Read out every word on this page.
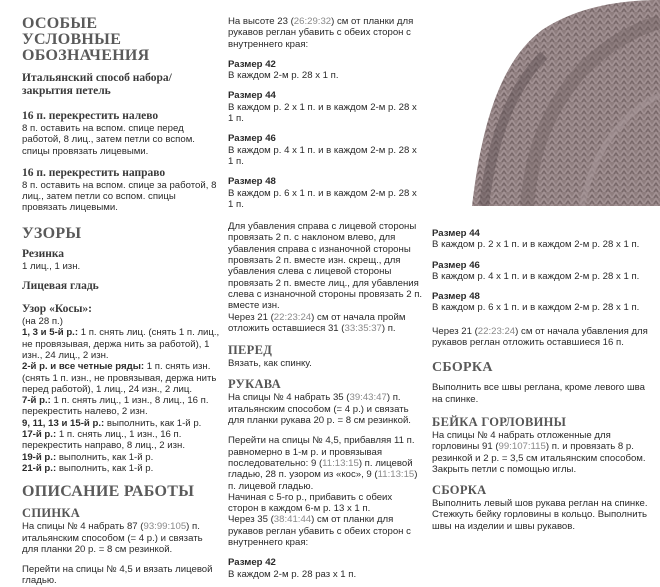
ОСОБЫЕ УСЛОВНЫЕ ОБОЗНАЧЕНИЯ
Итальянский способ набора/закрытия петель
16 п. перекрестить налево

8 п. оставить на вспом. спице перед работой, 8 лиц., затем петли со вспом. спицы провязать лицевыми.

16 п. перекрестить направо

8 п. оставить на вспом. спице за работой, 8 лиц., затем петли со вспом. спицы провязать лицевыми.

УЗОРЫ
Резинка

1 лиц., 1 изн.

Лицевая гладь
Узор «Косы»:

(на 28 п.)

1, 3 и 5-й р.: 1 п. снять лиц. (снять 1 п. лиц., не провязывая, держа нить за работой), 1 изн., 24 лиц., 2 изн.

2-й р. и все четные ряды: 1 п. снять изн. (снять 1 п. изн., не провязывая, держа нить перед работой), 1 лиц., 24 изн., 2 лиц.

7-й р.: 1 п. снять лиц., 1 изн., 8 лиц., 16 п. перекрестить налево, 2 изн.

9, 11, 13 и 15-й р.: выполнить, как 1-й р.

17-й р.: 1 п. снять лиц., 1 изн., 16 п. перекрестить направо, 8 лиц., 2 изн.

19-й р.: выполнить, как 1-й р.

21-й р.: выполнить, как 1-й р.

ОПИСАНИЕ РАБОТЫ
СПИНКА

На спицы № 4 набрать 87 (93:99:105) п. итальянским способом (= 4 р.) и связать для планки 20 р. = 8 см резинкой.

Перейти на спицы № 4,5 и вязать лицевой гладью.

На высоте 23 (26:29:32) см от планки для рукавов реглан убавить с обеих сторон с внутреннего края:

Размер 42

В каждом 2-м р. 28 х 1 п.

Размер 44

В каждом р. 2 х 1 п. и в каждом 2-м р. 28 х 1 п.

Размер 46

В каждом р. 4 х 1 п. и в каждом 2-м р. 28 х 1 п.

Размер 48

В каждом р. 6 х 1 п. и в каждом 2-м р. 28 х 1 п.

Для убавления справа с лицевой стороны провязать 2 п. с наклоном влево, для убавления справа с изнаночной стороны провязать 2 п. вместе изн. скрещ., для убавления слева с лицевой стороны провязать 2 п. вместе лиц., для убавления слева с изнаночной стороны провязать 2 п. вместе изн.

Через 21 (22:23:24) см от начала пройм отложить оставшиеся 31 (33:35:37) п.

ПЕРЕД

Вязать, как спинку.

РУКАВА

На спицы № 4 набрать 35 (39:43:47) п. итальянским способом (= 4 р.) и связать для планки рукава 20 р. = 8 см резинкой.

Перейти на спицы № 4,5, прибавляя 11 п. равномерно в 1-м р. и провязывая последовательно: 9 (11:13:15) п. лицевой гладью, 28 п. узором из «кос», 9 (11:13:15) п. лицевой гладью.

Начиная с 5-го р., прибавить с обеих сторон в каждом 6-м р. 13 х 1 п.

Через 35 (38:41:44) см от планки для рукавов реглан убавить с обеих сторон с внутреннего края:

Размер 42

В каждом 2-м р. 28 раз х 1 п.

Размер 44

В каждом р. 2 х 1 п. и в каждом 2-м р. 28 х 1 п.

Размер 46

В каждом р. 4 х 1 п. и в каждом 2-м р. 28 х 1 п.

Размер 48

В каждом р. 6 х 1 п. и в каждом 2-м р. 28 х 1 п.

Через 21 (22:23:24) см от начала убавления для рукавов реглан отложить оставшиеся 16 п.

СБОРКА

Выполнить все швы реглана, кроме левого шва на спинке.

БЕЙКА ГОРЛОВИНЫ

На спицы № 4 набрать отложенные для горловины 91 (99:107:115) п. и провязать 8 р. резинкой и 2 р. = 3,5 см итальянским способом. Закрыть петли с помощью иглы.

СБОРКА

Выполнить левый шов рукава реглан на спинке. Стежкуть бейку горловины в кольцо. Выполнить швы на изделии и швы рукавов.
